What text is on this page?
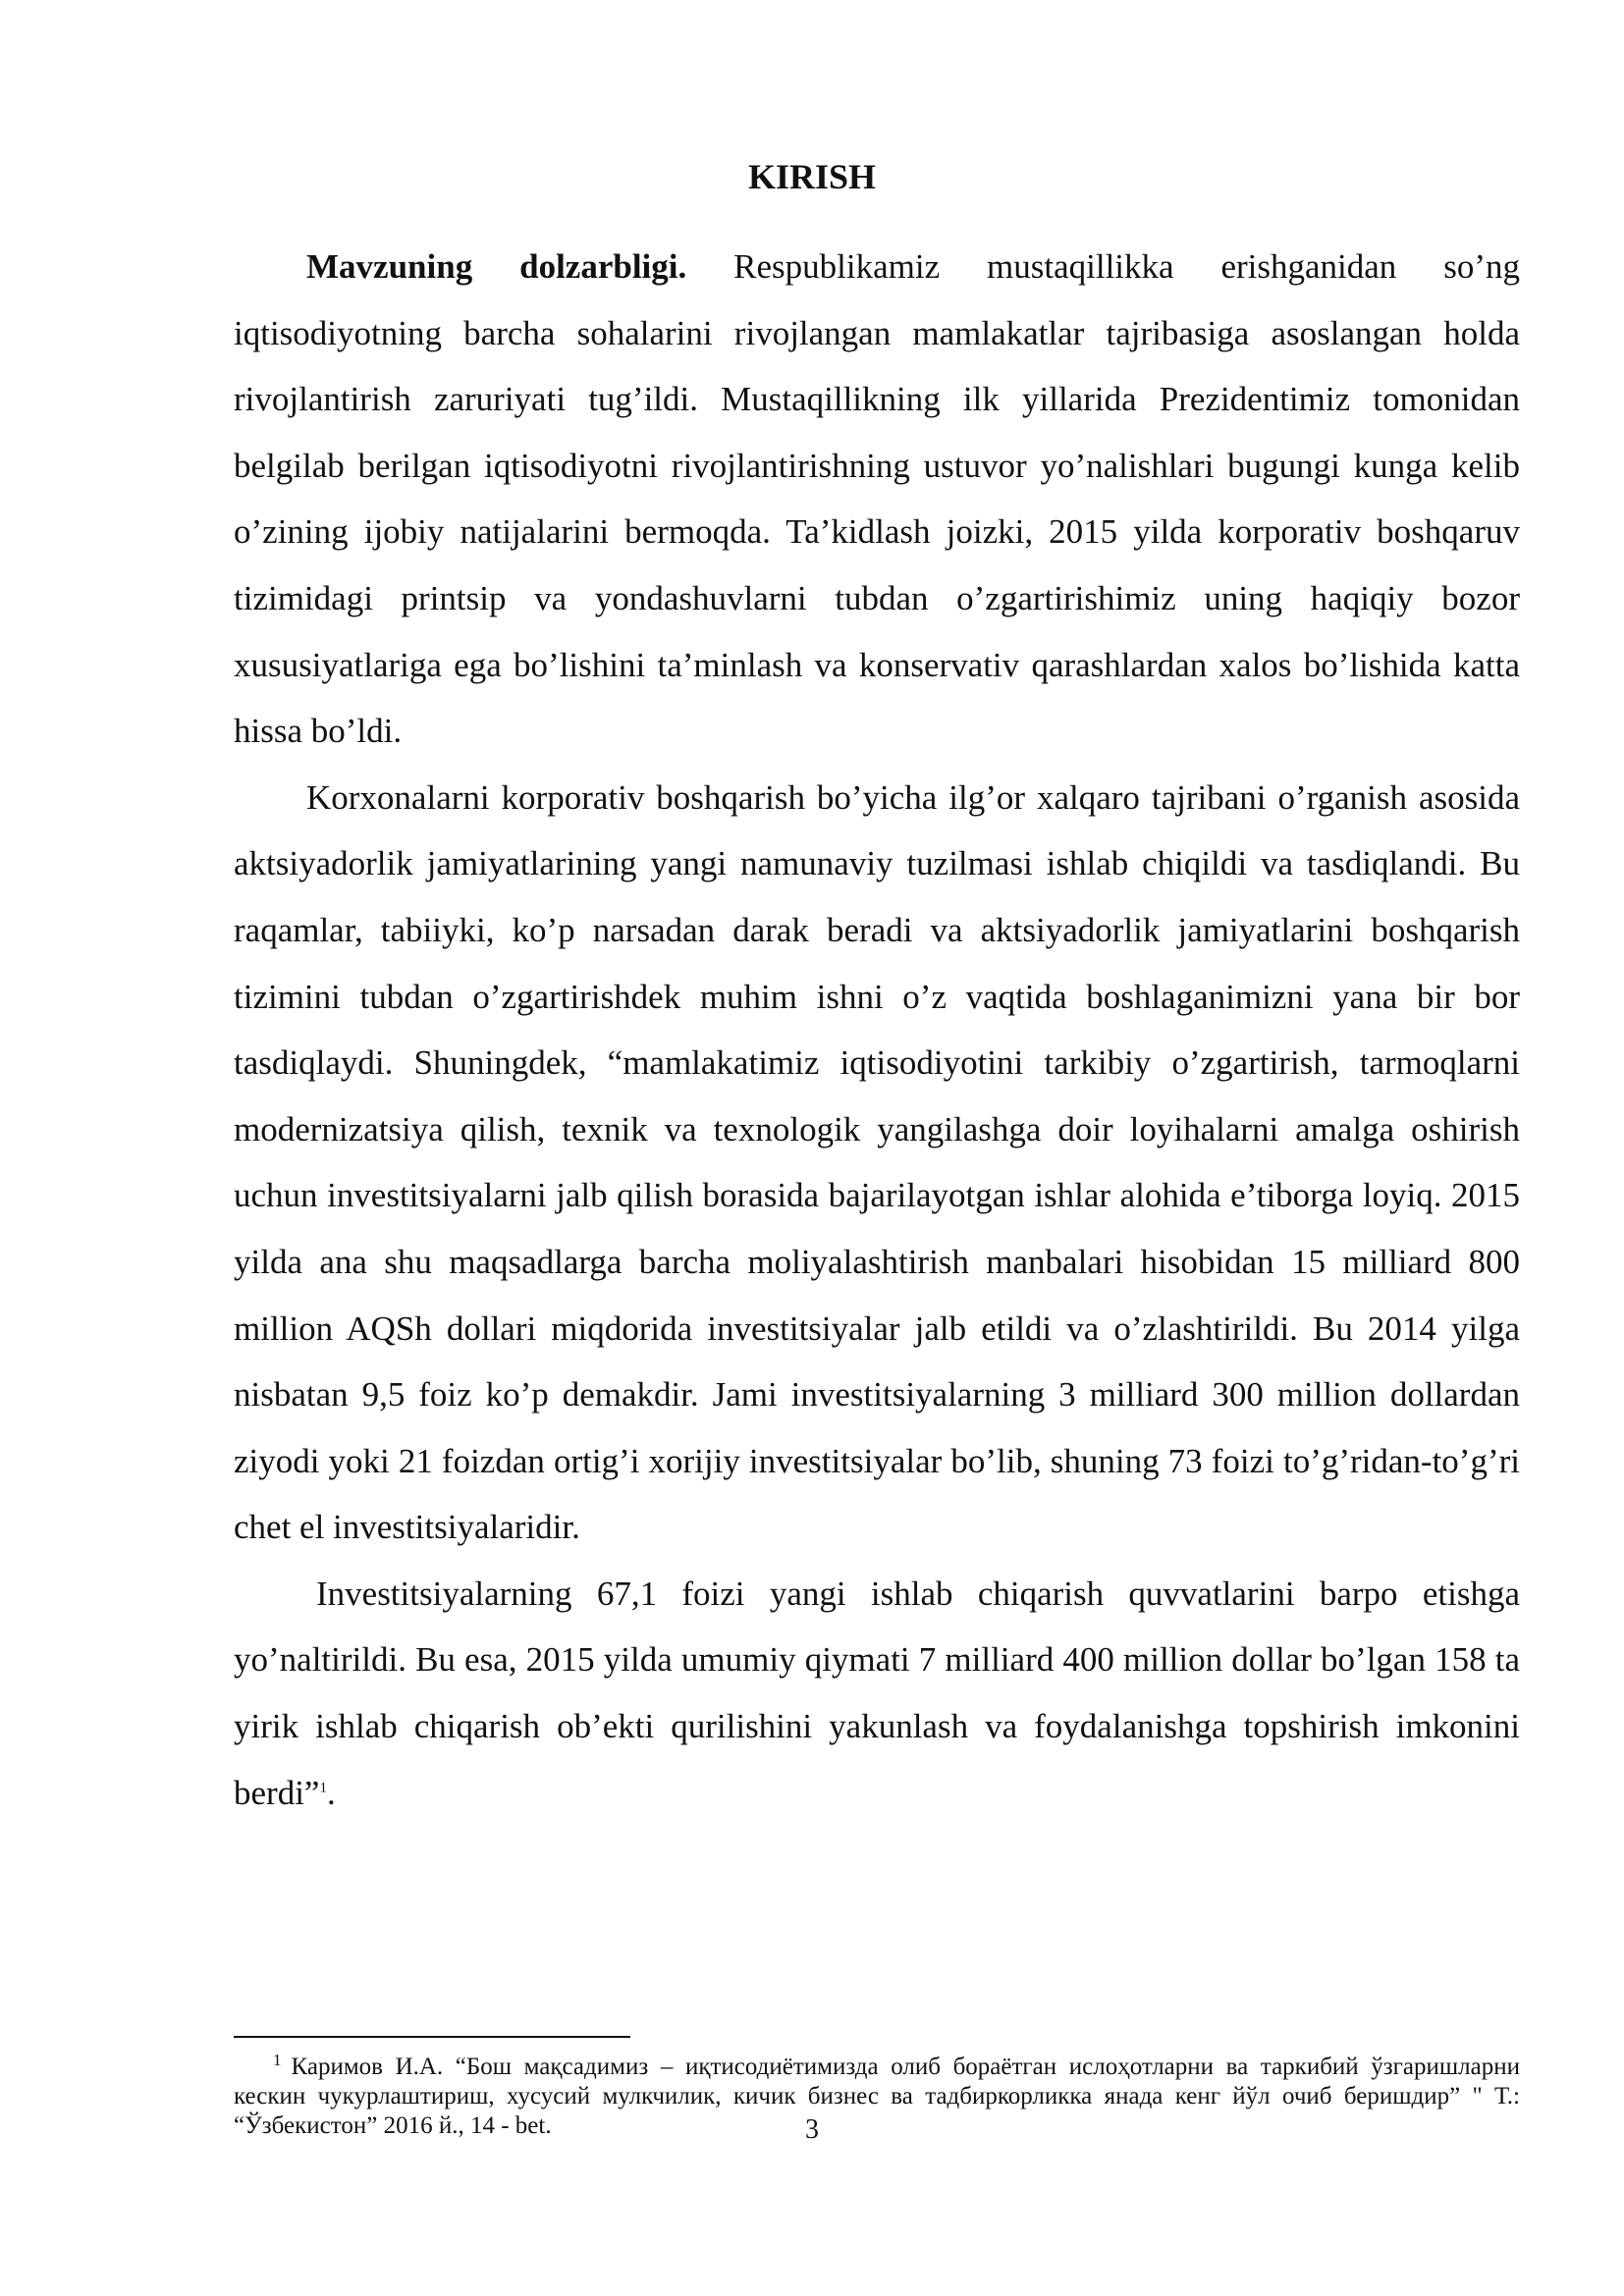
KIRISH

Mavzuning dolzarbligi. Respublikamiz mustaqillikka erishganidan so’ng iqtisodiyotning barcha sohalarini rivojlangan mamlakatlar tajribasiga asoslangan holda rivojlantirish zaruriyati tug’ildi. Mustaqillikning ilk yillarida Prezidentimiz tomonidan belgilab berilgan iqtisodiyotni rivojlantirishning ustuvor yo’nalishlari bugungi kunga kelib o’zining ijobiy natijalarini bermoqda. Ta’kidlash joizki, 2015 yilda korporativ boshqaruv tizimidagi printsip va yondashuvlarni tubdan o’zgartirishimiz uning haqiqiy bozor xususiyatlariga ega bo’lishini ta’minlash va konservativ qarashlardan xalos bo’lishida katta hissa bo’ldi.

Korxonalarni korporativ boshqarish bo’yicha ilg’or xalqaro tajribani o’rganish asosida aktsiyadorlik jamiyatlarining yangi namunaviy tuzilmasi ishlab chiqildi va tasdiqlandi. Bu raqamlar, tabiiyki, ko’p narsadan darak beradi va aktsiyadorlik jamiyatlarini boshqarish tizimini tubdan o’zgartirishdek muhim ishni o’z vaqtida boshlaganimizni yana bir bor tasdiqlaydi. Shuningdek, “mamlakatimiz iqtisodiyotini tarkibiy o’zgartirish, tarmoqlarni modernizatsiya qilish, texnik va texnologik yangilashga doir loyihalarni amalga oshirish uchun investitsiyalarni jalb qilish borasida bajarilayotgan ishlar alohida e’tiborga loyiq. 2015 yilda ana shu maqsadlarga barcha moliyalashtirish manbalari hisobidan 15 milliard 800 million AQSh dollari miqdorida investitsiyalar jalb etildi va o’zlashtirildi. Bu 2014 yilga nisbatan 9,5 foiz ko’p demakdir. Jami investitsiyalarning 3 milliard 300 million dollardan ziyodi yoki 21 foizdan ortig’i xorijiy investitsiyalar bo’lib, shuning 73 foizi to’g’ridan-to’g’ri chet el investitsiyalaridir.

Investitsiyalarning 67,1 foizi yangi ishlab chiqarish quvvatlarini barpo etishga yo’naltirildi. Bu esa, 2015 yilda umumiy qiymati 7 milliard 400 million dollar bo’lgan 158 ta yirik ishlab chiqarish ob’ekti qurilishini yakunlash va foydalanishga topshirish imkonini berdi”$^1$.

$^1$ Каримов И.А. “Бош мақсадимиз – иқтисодиётимизда олиб бораётган ислоҳотларни ва таркибий ўзгаришларни кескин чукурлаштириш, хусусий мулкчилик, кичик бизнес ва тадбиркорликка янада кенг йўл очиб беришдир” " Т.: “Ўзбекистон” 2016 й., 14 - bet.	3
